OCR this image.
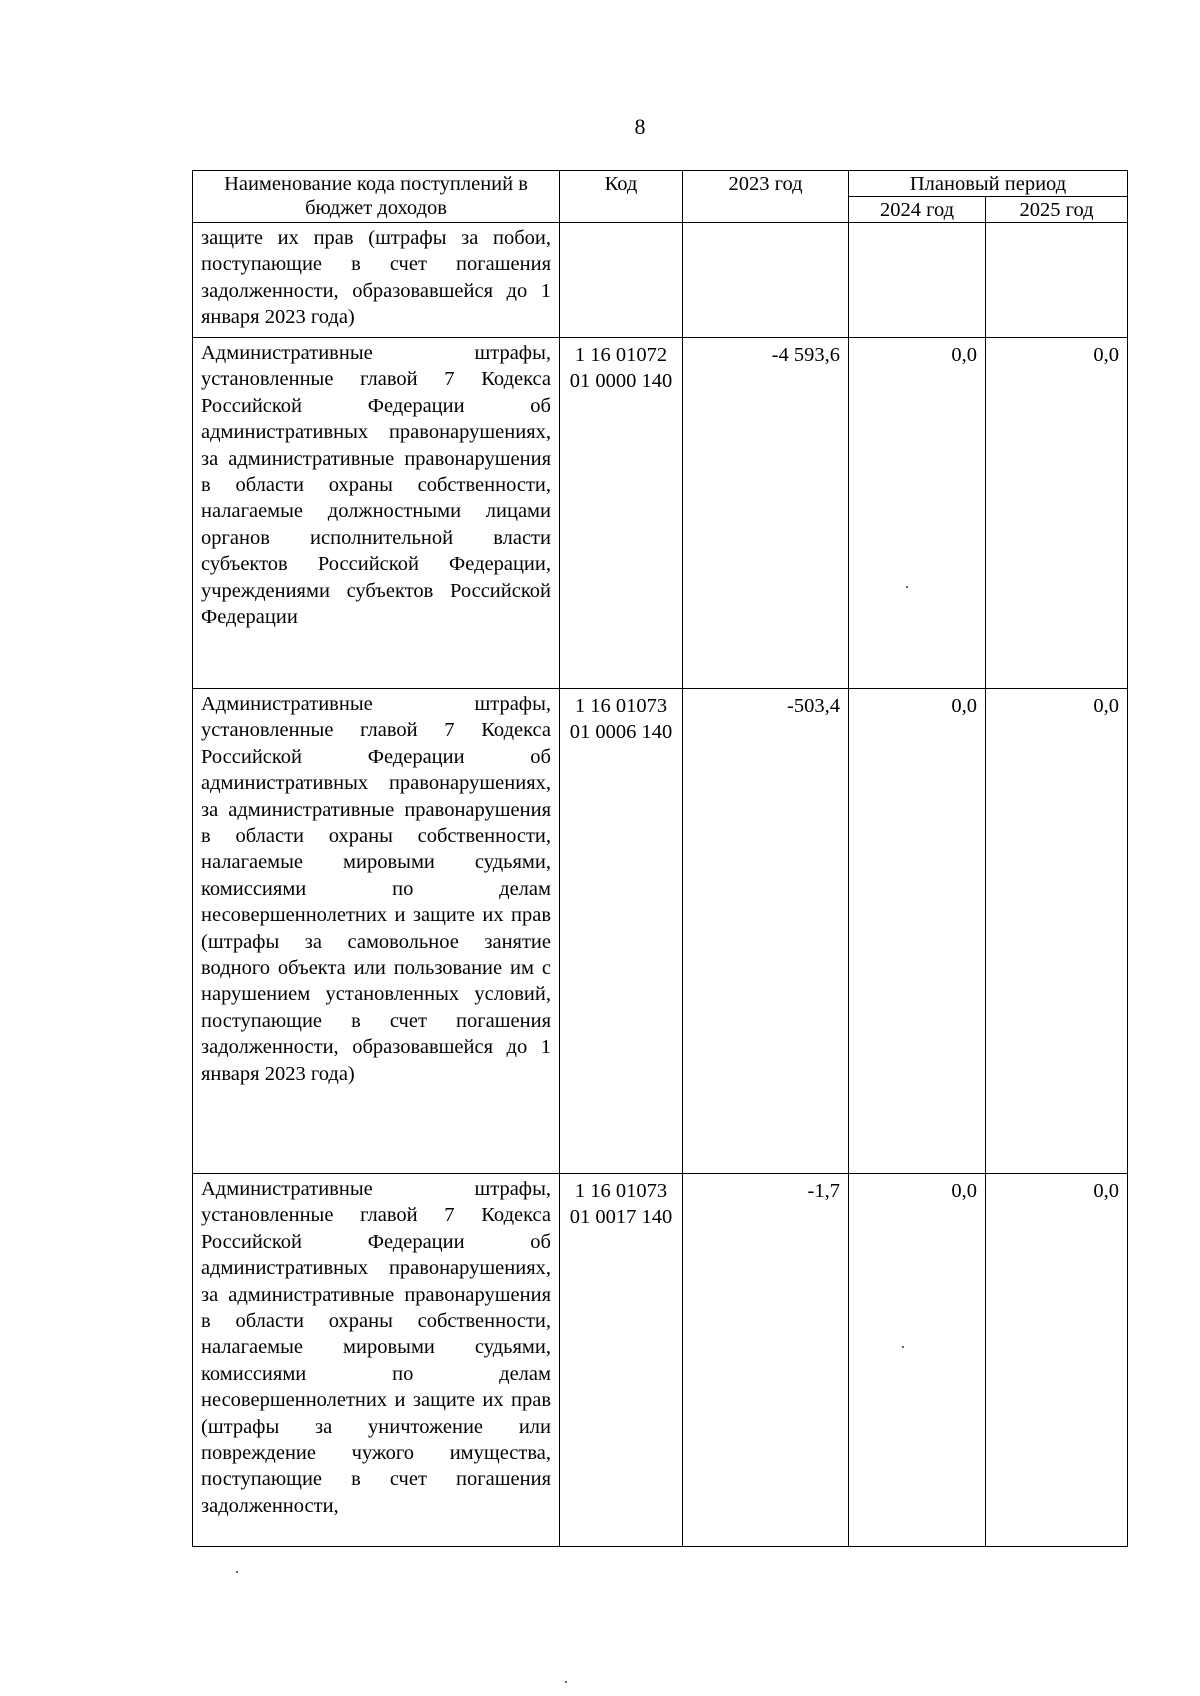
8
Наименование кода поступлений в бюджет доходов	Код	2023 год	Плановый период	
			2024 год	2025 год
защите их прав (штрафы за побои, поступающие в счет погашения задолженности, образовавшейся до 1 января 2023 года)				
Административные штрафы, установленные главой 7 Кодекса Российской Федерации об административных правонарушениях, за административные правонарушения в области охраны собственности, налагаемые должностными лицами органов исполнительной власти субъектов Российской Федерации, учреждениями субъектов Российской Федерации	1 16 01072 01 0000 140	-4 593,6	0,0	0,0
Административные штрафы, установленные главой 7 Кодекса Российской Федерации об административных правонарушениях, за административные правонарушения в области охраны собственности, налагаемые мировыми судьями, комиссиями по делам несовершеннолетних и защите их прав (штрафы за самовольное занятие водного объекта или пользование им с нарушением установленных условий, поступающие в счет погашения задолженности, образовавшейся до 1 января 2023 года)	1 16 01073 01 0006 140	-503,4	0,0	0,0
Административные штрафы, установленные главой 7 Кодекса Российской Федерации об административных правонарушениях, за административные правонарушения в области охраны собственности, налагаемые мировыми судьями, комиссиями по делам несовершеннолетних и защите их прав (штрафы за уничтожение или повреждение чужого имущества, поступающие в счет погашения задолженности,	1 16 01073 01 0017 140	-1,7	0,0	0,0
